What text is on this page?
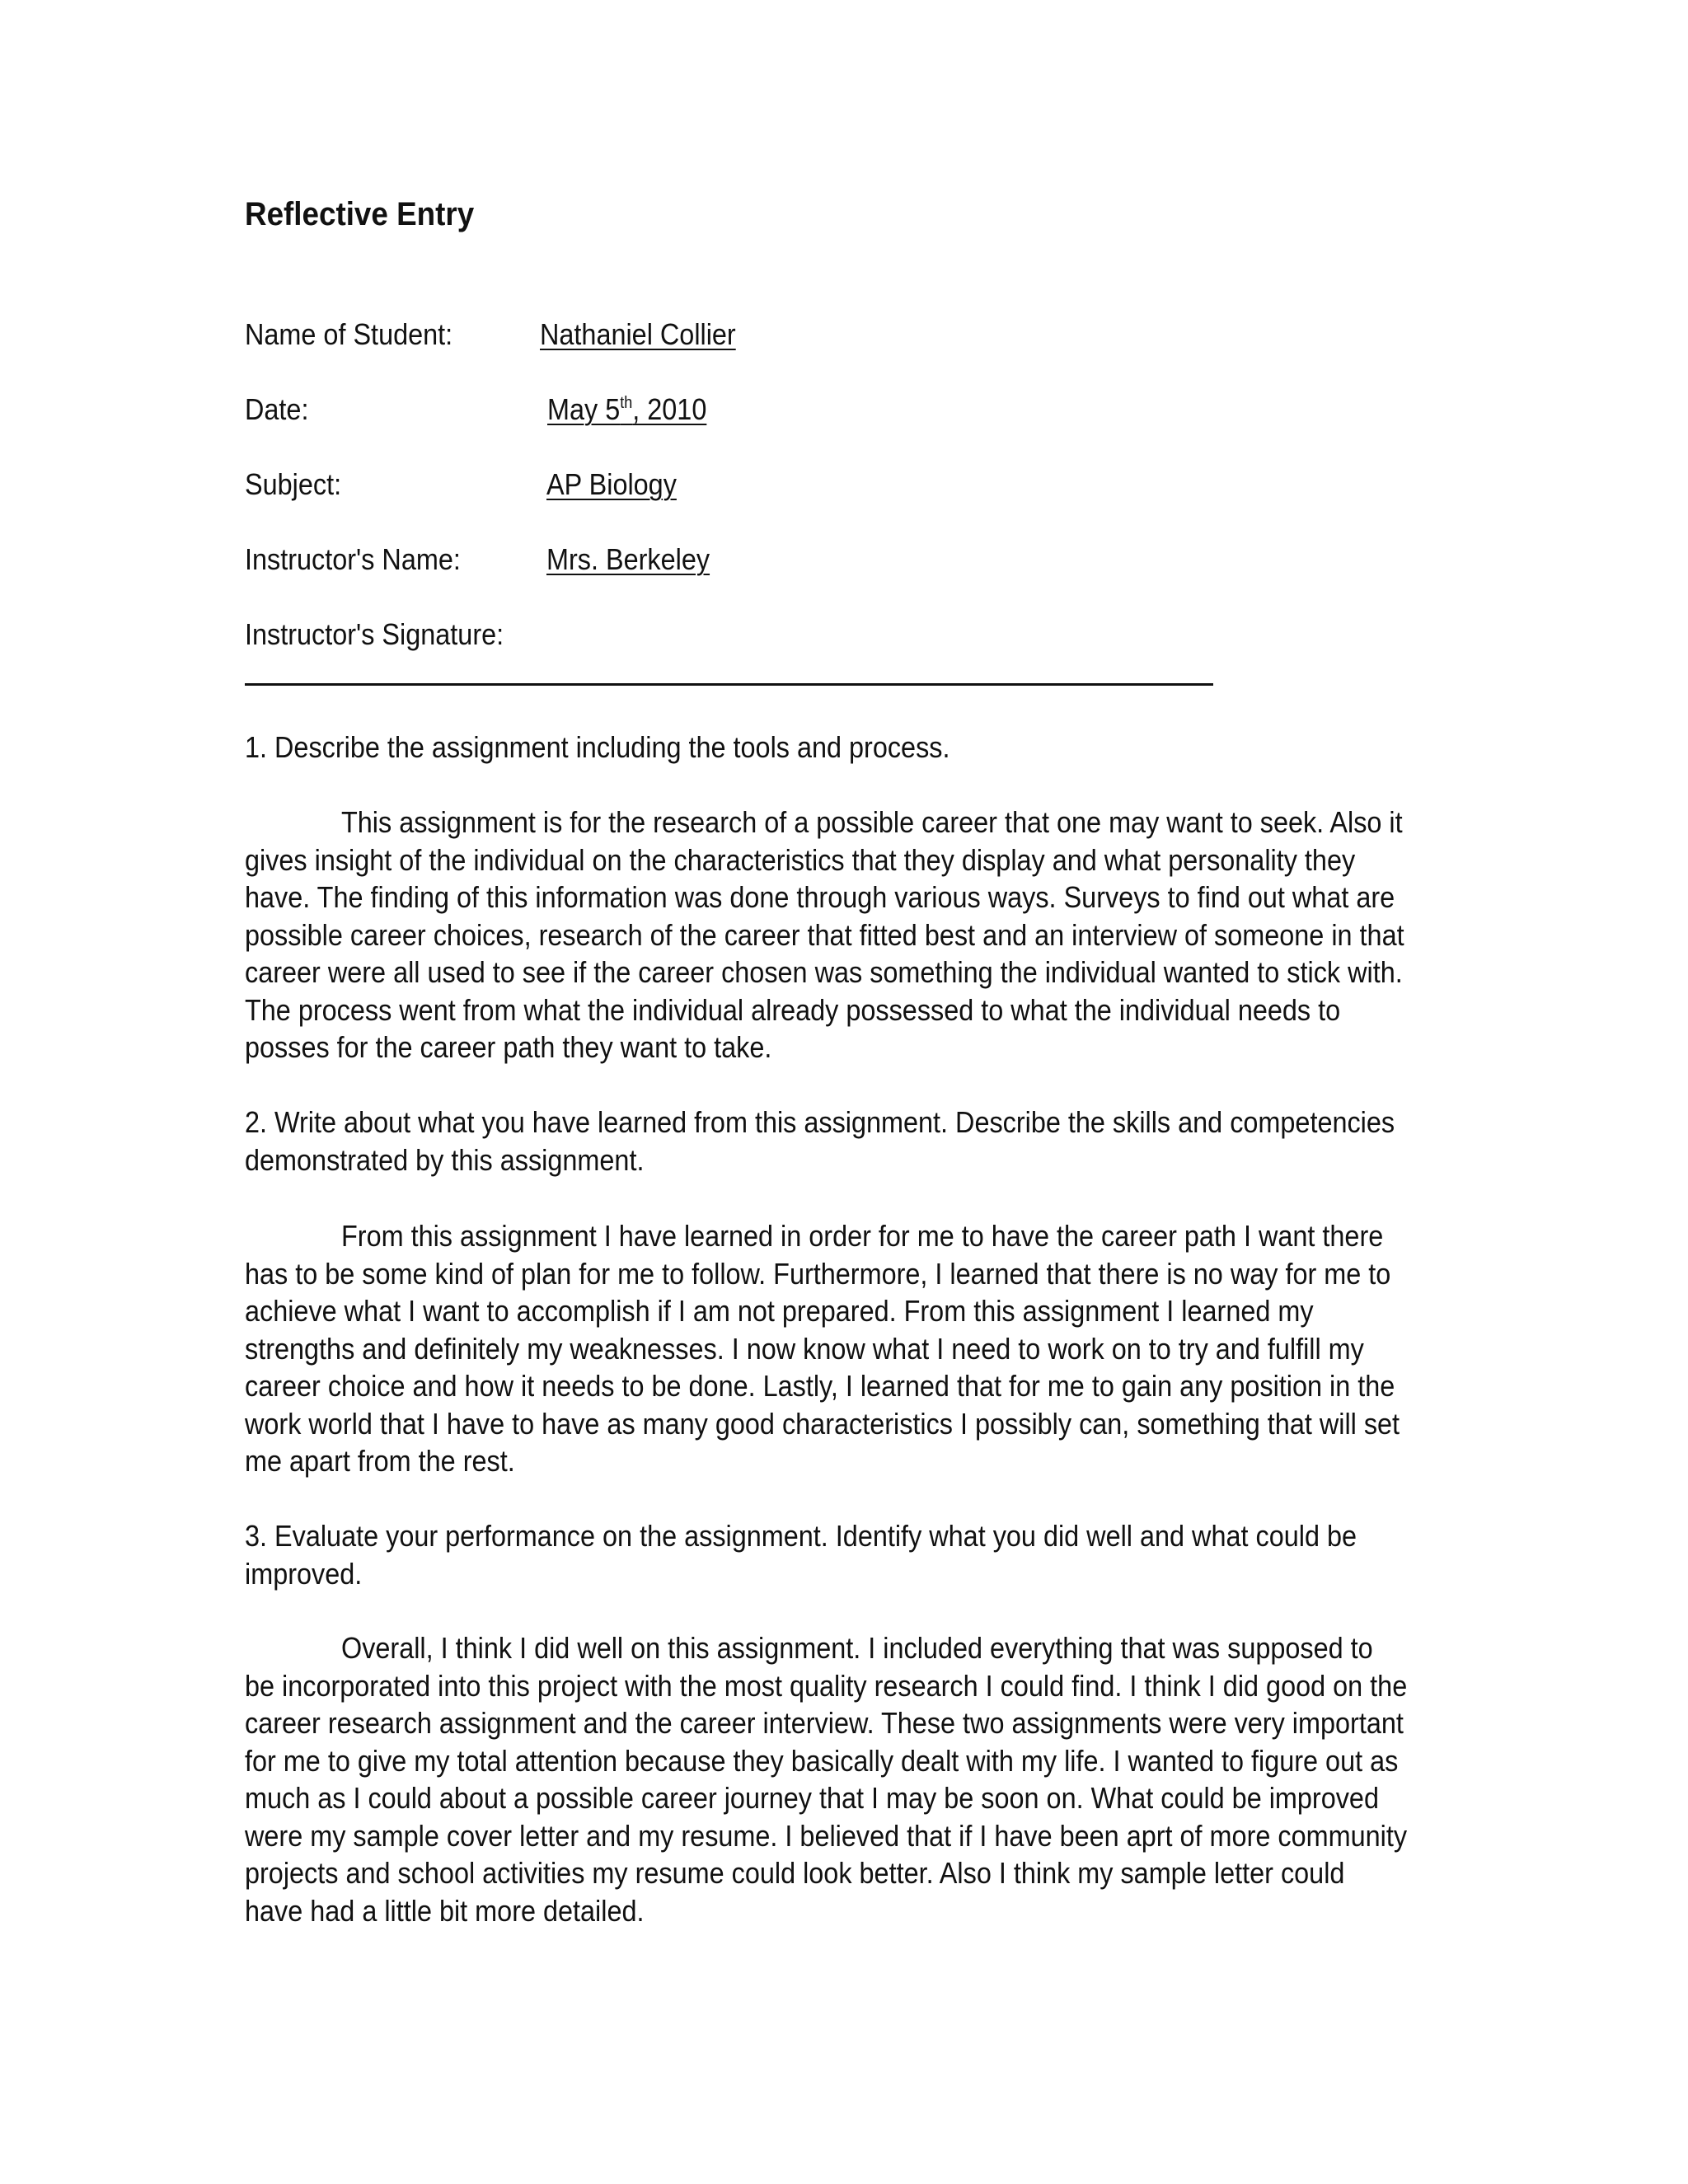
Reflective Entry
Name of Student:	Nathaniel Collier
Date:	May 5th, 2010
Subject:	AP Biology
Instructor's Name:	Mrs. Berkeley
Instructor's Signature:
1. Describe the assignment including the tools and process.
This assignment is for the research of a possible career that one may want to seek. Also it
gives insight of the individual on the characteristics that they display and what personality they
have. The finding of this information was done through various ways. Surveys to find out what are
possible career choices, research of the career that fitted best and an interview of someone in that
career were all used to see if the career chosen was something the individual wanted to stick with.
The process went from what the individual already possessed to what the individual needs to
posses for the career path they want to take.
2. Write about what you have learned from this assignment. Describe the skills and competencies
demonstrated by this assignment.
From this assignment I have learned in order for me to have the career path I want there
has to be some kind of plan for me to follow. Furthermore, I learned that there is no way for me to
achieve what I want to accomplish if I am not prepared. From this assignment I learned my
strengths and definitely my weaknesses. I now know what I need to work on to try and fulfill my
career choice and how it needs to be done. Lastly, I learned that for me to gain any position in the
work world that I have to have as many good characteristics I possibly can, something that will set
me apart from the rest.
3. Evaluate your performance on the assignment. Identify what you did well and what could be
improved.
Overall, I think I did well on this assignment. I included everything that was supposed to
be incorporated into this project with the most quality research I could find. I think I did good on the
career research assignment and the career interview. These two assignments were very important
for me to give my total attention because they basically dealt with my life. I wanted to figure out as
much as I could about a possible career journey that I may be soon on. What could be improved
were my sample cover letter and my resume. I believed that if I have been aprt of more community
projects and school activities my resume could look better. Also I think my sample letter could
have had a little bit more detailed.
